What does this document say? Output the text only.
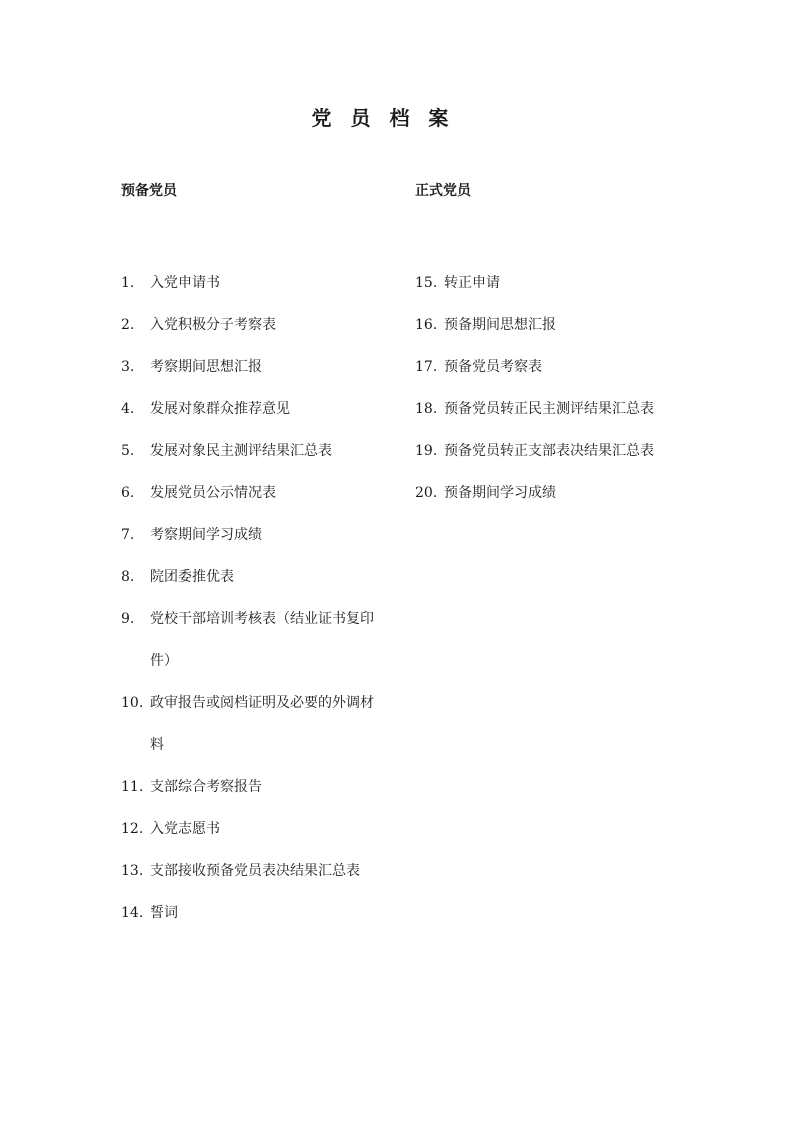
党 员 档 案
预备党员
1.	入党申请书
2.	入党积极分子考察表
3.	考察期间思想汇报
4.	发展对象群众推荐意见
5.	发展对象民主测评结果汇总表
6.	发展党员公示情况表
7.	考察期间学习成绩
8.	院团委推优表
9.	党校干部培训考核表（结业证书复印件）
10. 政审报告或阅档证明及必要的外调材料
11. 支部综合考察报告
12. 入党志愿书
13. 支部接收预备党员表决结果汇总表
14. 誓词
正式党员
15. 转正申请
16. 预备期间思想汇报
17. 预备党员考察表
18. 预备党员转正民主测评结果汇总表
19. 预备党员转正支部表决结果汇总表
20. 预备期间学习成绩
